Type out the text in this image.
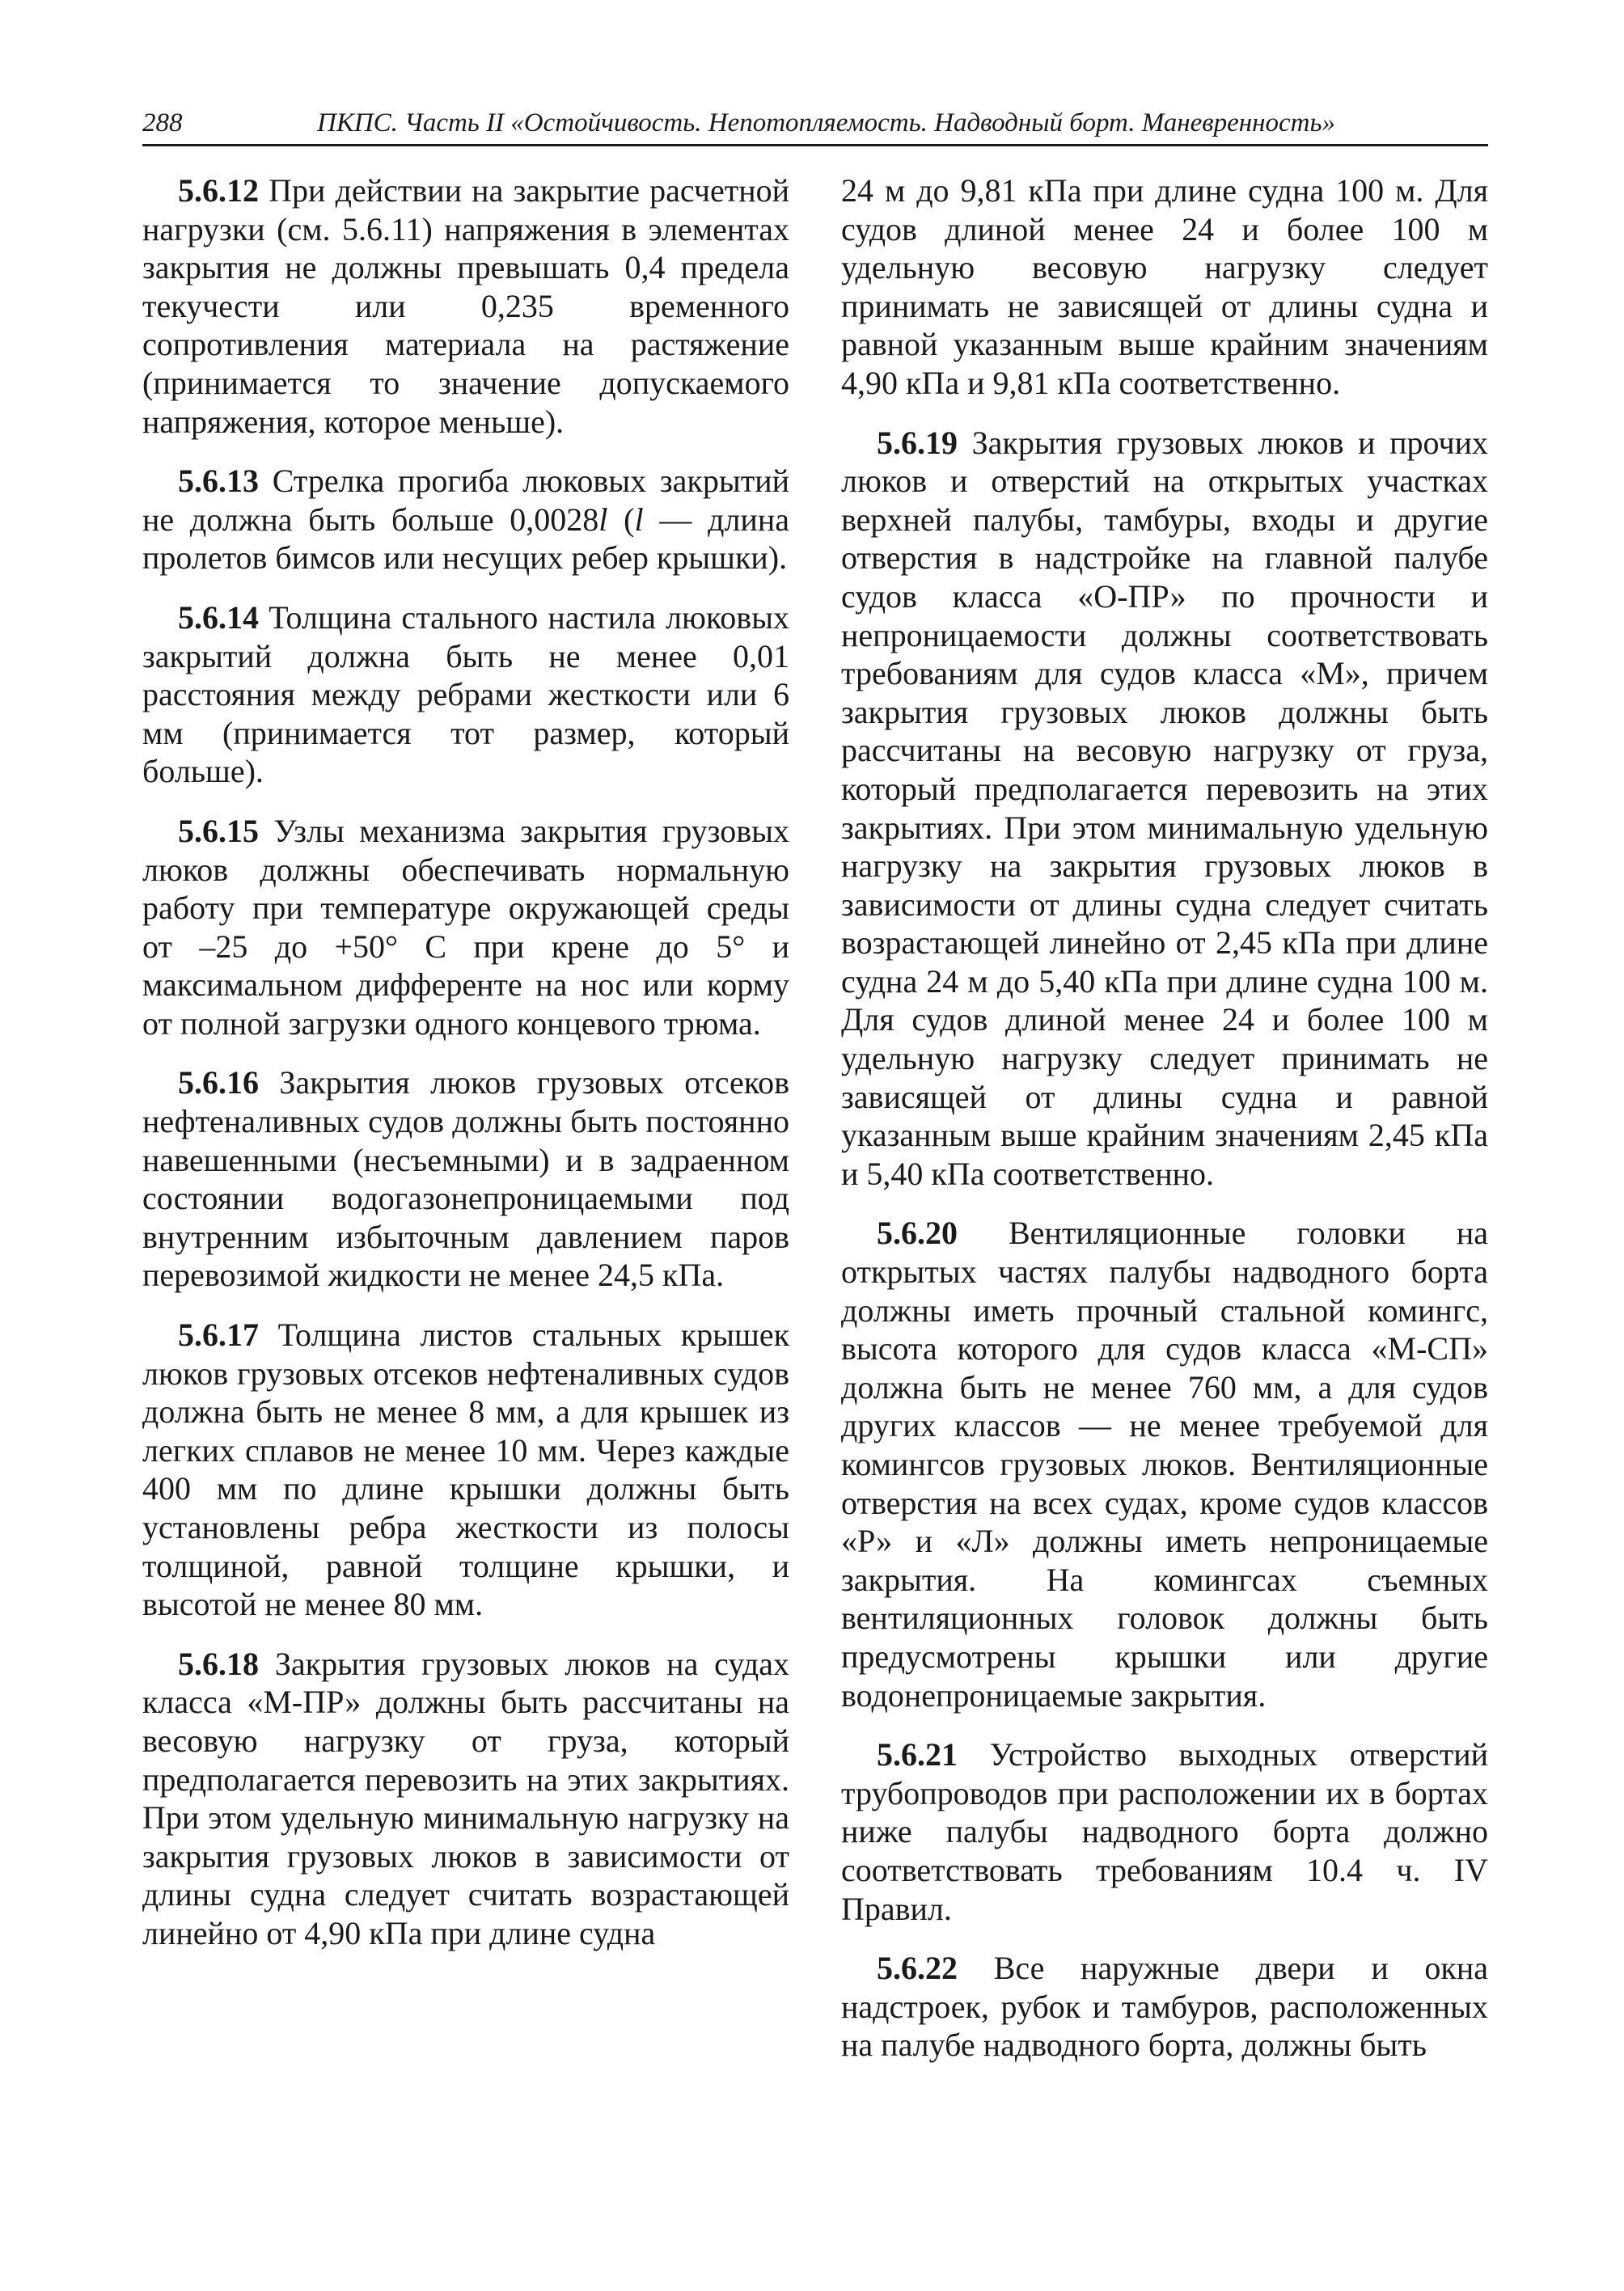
288	ПКПС. Часть II «Остойчивость. Непотопляемость. Надводный борт. Маневренность»

5.6.12 При действии на закрытие расчетной нагрузки (см. 5.6.11) напряжения в элементах закрытия не должны превышать 0,4 предела текучести или 0,235 временного сопротивления материала на растяжение (принимается то значение допускаемого напряжения, которое меньше).

5.6.13 Стрелка прогиба люковых закрытий не должна быть больше 0,0028l (l — длина пролетов бимсов или несущих ребер крышки).

5.6.14 Толщина стального настила люковых закрытий должна быть не менее 0,01 расстояния между ребрами жесткости или 6 мм (принимается тот размер, который больше).

5.6.15 Узлы механизма закрытия грузовых люков должны обеспечивать нормальную работу при температуре окружающей среды от –25 до +50° С при крене до 5° и максимальном дифференте на нос или корму от полной загрузки одного концевого трюма.

5.6.16 Закрытия люков грузовых отсеков нефтеналивных судов должны быть постоянно навешенными (несъемными) и в задраенном состоянии водогазонепроницаемыми под внутренним избыточным давлением паров перевозимой жидкости не менее 24,5 кПа.

5.6.17 Толщина листов стальных крышек люков грузовых отсеков нефтеналивных судов должна быть не менее 8 мм, а для крышек из легких сплавов не менее 10 мм. Через каждые 400 мм по длине крышки должны быть установлены ребра жесткости из полосы толщиной, равной толщине крышки, и высотой не менее 80 мм.

5.6.18 Закрытия грузовых люков на судах класса «М-ПР» должны быть рассчитаны на весовую нагрузку от груза, который предполагается перевозить на этих закрытиях. При этом удельную минимальную нагрузку на закрытия грузовых люков в зависимости от длины судна следует считать возрастающей линейно от 4,90 кПа при длине судна

24 м до 9,81 кПа при длине судна 100 м. Для судов длиной менее 24 и более 100 м удельную весовую нагрузку следует принимать не зависящей от длины судна и равной указанным выше крайним значениям 4,90 кПа и 9,81 кПа соответственно.

5.6.19 Закрытия грузовых люков и прочих люков и отверстий на открытых участках верхней палубы, тамбуры, входы и другие отверстия в надстройке на главной палубе судов класса «О-ПР» по прочности и непроницаемости должны соответствовать требованиям для судов класса «М», причем закрытия грузовых люков должны быть рассчитаны на весовую нагрузку от груза, который предполагается перевозить на этих закрытиях. При этом минимальную удельную нагрузку на закрытия грузовых люков в зависимости от длины судна следует считать возрастающей линейно от 2,45 кПа при длине судна 24 м до 5,40 кПа при длине судна 100 м. Для судов длиной менее 24 и более 100 м удельную нагрузку следует принимать не зависящей от длины судна и равной указанным выше крайним значениям 2,45 кПа и 5,40 кПа соответственно.

5.6.20 Вентиляционные головки на открытых частях палубы надводного борта должны иметь прочный стальной комингс, высота которого для судов класса «М-СП» должна быть не менее 760 мм, а для судов других классов — не менее требуемой для комингсов грузовых люков. Вентиляционные отверстия на всех судах, кроме судов классов «Р» и «Л» должны иметь непроницаемые закрытия. На комингсах съемных вентиляционных головок должны быть предусмотрены крышки или другие водонепроницаемые закрытия.

5.6.21 Устройство выходных отверстий трубопроводов при расположении их в бортах ниже палубы надводного борта должно соответствовать требованиям 10.4 ч. IV Правил.

5.6.22 Все наружные двери и окна надстроек, рубок и тамбуров, расположенных на палубе надводного борта, должны быть
